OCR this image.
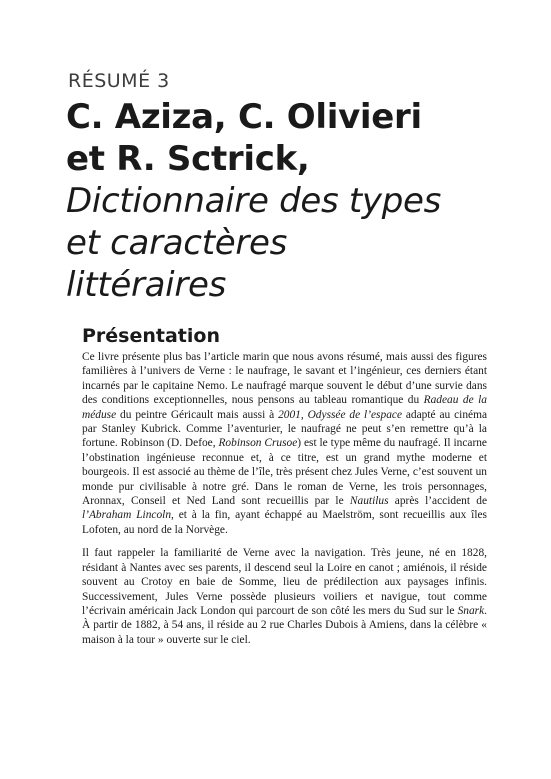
RÉSUMÉ 3
C. Aziza, C. Olivieri
et R. Sctrick,
Dictionnaire des types
et caractères
littéraires
Présentation

Ce livre présente plus bas l’article marin que nous avons résumé, mais aussi des figures familières à l’univers de Verne : le naufrage, le savant et l’ingénieur, ces derniers étant incarnés par le capitaine Nemo. Le naufragé marque souvent le début d’une survie dans des conditions exceptionnelles, nous pensons au tableau romantique du Radeau de la méduse du peintre Géricault mais aussi à 2001, Odyssée de l’espace adapté au cinéma par Stanley Kubrick. Comme l’aventurier, le naufragé ne peut s’en remettre qu’à la fortune. Robinson (D. Defoe, Robinson Crusoe) est le type même du naufragé. Il incarne l’obstination ingénieuse reconnue et, à ce titre, est un grand mythe moderne et bourgeois. Il est associé au thème de l’île, très présent chez Jules Verne, c’est souvent un monde pur civilisable à notre gré. Dans le roman de Verne, les trois personnages, Aronnax, Conseil et Ned Land sont recueillis par le Nautilus après l’accident de l’Abraham Lincoln, et à la fin, ayant échappé au Maelström, sont recueillis aux îles Lofoten, au nord de la Norvège.

Il faut rappeler la familiarité de Verne avec la navigation. Très jeune, né en 1828, résidant à Nantes avec ses parents, il descend seul la Loire en canot ; amiénois, il réside souvent au Crotoy en baie de Somme, lieu de prédilection aux paysages infinis. Successivement, Jules Verne possède plusieurs voiliers et navigue, tout comme l’écrivain américain Jack London qui parcourt de son côté les mers du Sud sur le Snark. À partir de 1882, à 54 ans, il réside au 2 rue Charles Dubois à Amiens, dans la célèbre « maison à la tour » ouverte sur le ciel.
